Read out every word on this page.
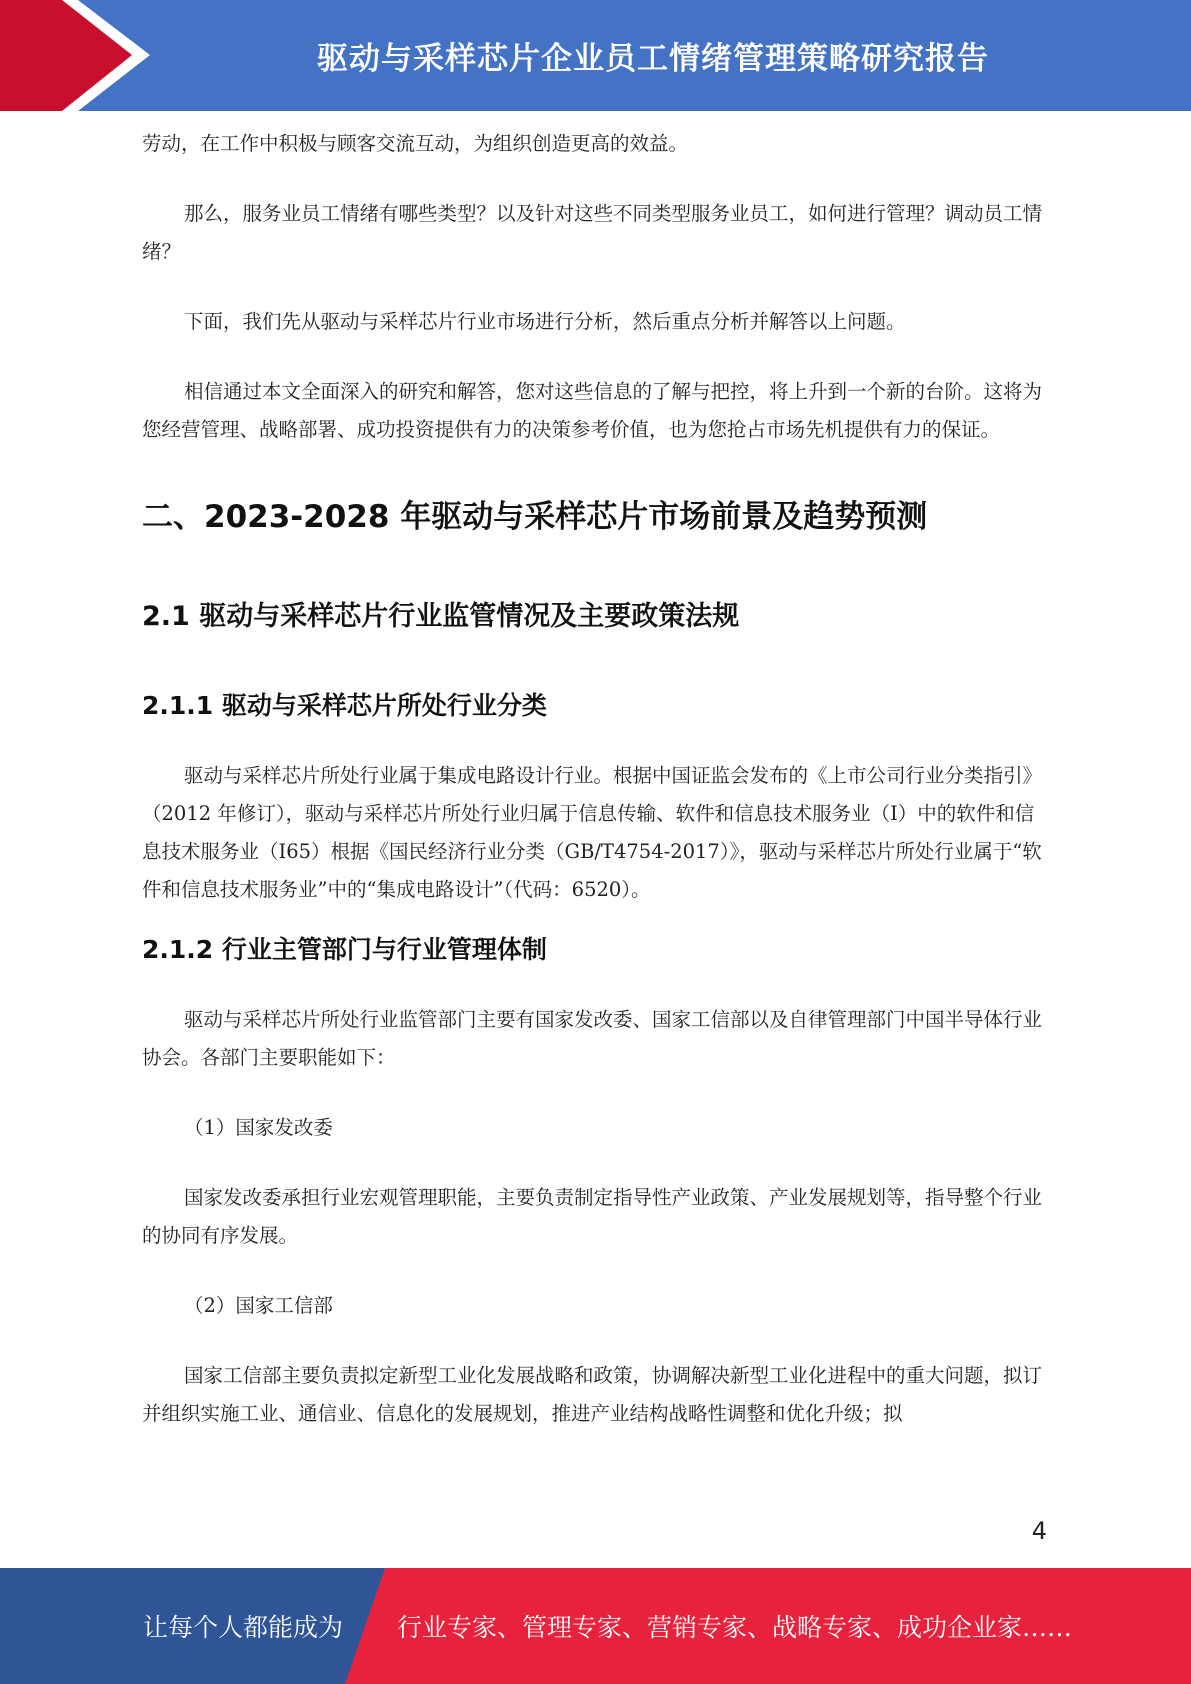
驱动与采样芯片企业员工情绪管理策略研究报告

劳动，在工作中积极与顾客交流互动，为组织创造更高的效益。

那么，服务业员工情绪有哪些类型？以及针对这些不同类型服务业员工，如何进行管理？调动员工情绪？

下面，我们先从驱动与采样芯片行业市场进行分析，然后重点分析并解答以上问题。

相信通过本文全面深入的研究和解答，您对这些信息的了解与把控，将上升到一个新的台阶。这将为您经营管理、战略部署、成功投资提供有力的决策参考价值，也为您抢占市场先机提供有力的保证。

二、2023-2028 年驱动与采样芯片市场前景及趋势预测
2.1 驱动与采样芯片行业监管情况及主要政策法规
2.1.1 驱动与采样芯片所处行业分类

驱动与采样芯片所处行业属于集成电路设计行业。根据中国证监会发布的《上市公司行业分类指引》（2012 年修订），驱动与采样芯片所处行业归属于信息传输、软件和信息技术服务业（I）中的软件和信息技术服务业（I65）根据《国民经济行业分类（GB/T4754-2017）》，驱动与采样芯片所处行业属于“软件和信息技术服务业”中的“集成电路设计”（代码：6520）。

2.1.2 行业主管部门与行业管理体制

驱动与采样芯片所处行业监管部门主要有国家发改委、国家工信部以及自律管理部门中国半导体行业协会。各部门主要职能如下：

（1）国家发改委

国家发改委承担行业宏观管理职能，主要负责制定指导性产业政策、产业发展规划等，指导整个行业的协同有序发展。

（2）国家工信部

国家工信部主要负责拟定新型工业化发展战略和政策，协调解决新型工业化进程中的重大问题，拟订并组织实施工业、通信业、信息化的发展规划，推进产业结构战略性调整和优化升级；拟

4
让每个人都能成为 行业专家、管理专家、营销专家、战略专家、成功企业家……
